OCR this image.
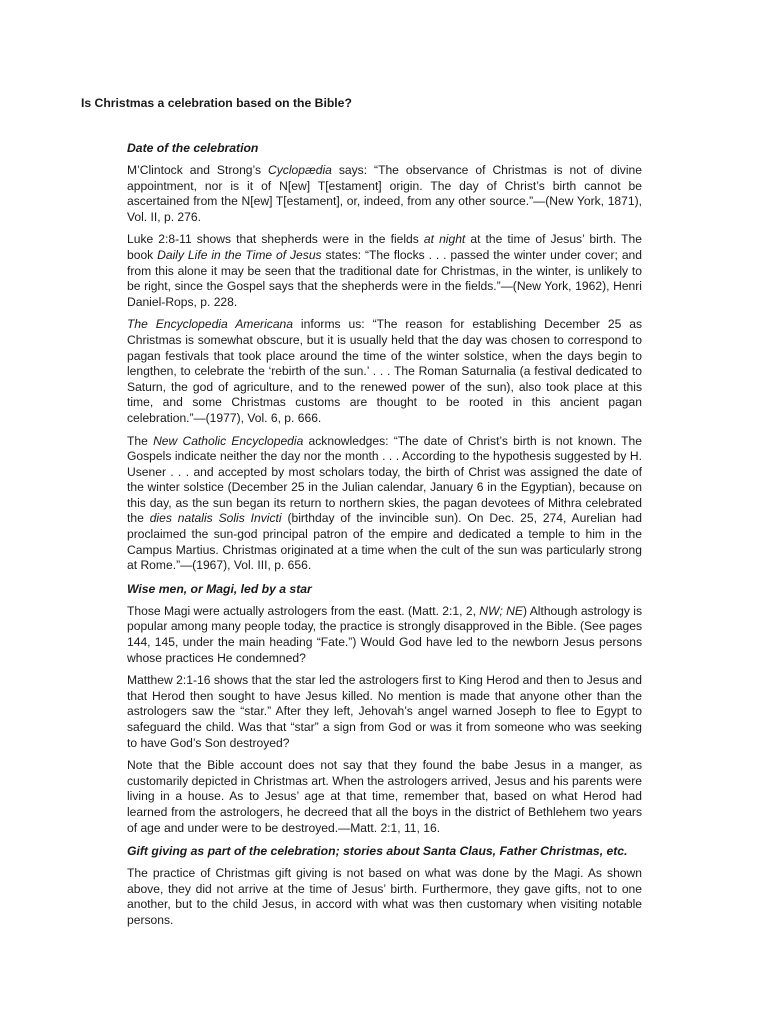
Is Christmas a celebration based on the Bible?
Date of the celebration

M’Clintock and Strong’s Cyclopædia says: “The observance of Christmas is not of divine appointment, nor is it of N[ew] T[estament] origin. The day of Christ’s birth cannot be ascertained from the N[ew] T[estament], or, indeed, from any other source.”—(New York, 1871), Vol. II, p. 276.

Luke 2:8-11 shows that shepherds were in the fields at night at the time of Jesus’ birth. The book Daily Life in the Time of Jesus states: “The flocks . . . passed the winter under cover; and from this alone it may be seen that the traditional date for Christmas, in the winter, is unlikely to be right, since the Gospel says that the shepherds were in the fields.”—(New York, 1962), Henri Daniel-Rops, p. 228.

The Encyclopedia Americana informs us: “The reason for establishing December 25 as Christmas is somewhat obscure, but it is usually held that the day was chosen to correspond to pagan festivals that took place around the time of the winter solstice, when the days begin to lengthen, to celebrate the ‘rebirth of the sun.’ . . . The Roman Saturnalia (a festival dedicated to Saturn, the god of agriculture, and to the renewed power of the sun), also took place at this time, and some Christmas customs are thought to be rooted in this ancient pagan celebration.”—(1977), Vol. 6, p. 666.

The New Catholic Encyclopedia acknowledges: “The date of Christ’s birth is not known. The Gospels indicate neither the day nor the month . . . According to the hypothesis suggested by H. Usener . . . and accepted by most scholars today, the birth of Christ was assigned the date of the winter solstice (December 25 in the Julian calendar, January 6 in the Egyptian), because on this day, as the sun began its return to northern skies, the pagan devotees of Mithra celebrated the dies natalis Solis Invicti (birthday of the invincible sun). On Dec. 25, 274, Aurelian had proclaimed the sun-god principal patron of the empire and dedicated a temple to him in the Campus Martius. Christmas originated at a time when the cult of the sun was particularly strong at Rome.”—(1967), Vol. III, p. 656.

Wise men, or Magi, led by a star

Those Magi were actually astrologers from the east. (Matt. 2:1, 2, NW; NE) Although astrology is popular among many people today, the practice is strongly disapproved in the Bible. (See pages 144, 145, under the main heading “Fate.”) Would God have led to the newborn Jesus persons whose practices He condemned?

Matthew 2:1-16 shows that the star led the astrologers first to King Herod and then to Jesus and that Herod then sought to have Jesus killed. No mention is made that anyone other than the astrologers saw the “star.” After they left, Jehovah’s angel warned Joseph to flee to Egypt to safeguard the child. Was that “star” a sign from God or was it from someone who was seeking to have God’s Son destroyed?

Note that the Bible account does not say that they found the babe Jesus in a manger, as customarily depicted in Christmas art. When the astrologers arrived, Jesus and his parents were living in a house. As to Jesus’ age at that time, remember that, based on what Herod had learned from the astrologers, he decreed that all the boys in the district of Bethlehem two years of age and under were to be destroyed.—Matt. 2:1, 11, 16.

Gift giving as part of the celebration; stories about Santa Claus, Father Christmas, etc.

The practice of Christmas gift giving is not based on what was done by the Magi. As shown above, they did not arrive at the time of Jesus’ birth. Furthermore, they gave gifts, not to one another, but to the child Jesus, in accord with what was then customary when visiting notable persons.
